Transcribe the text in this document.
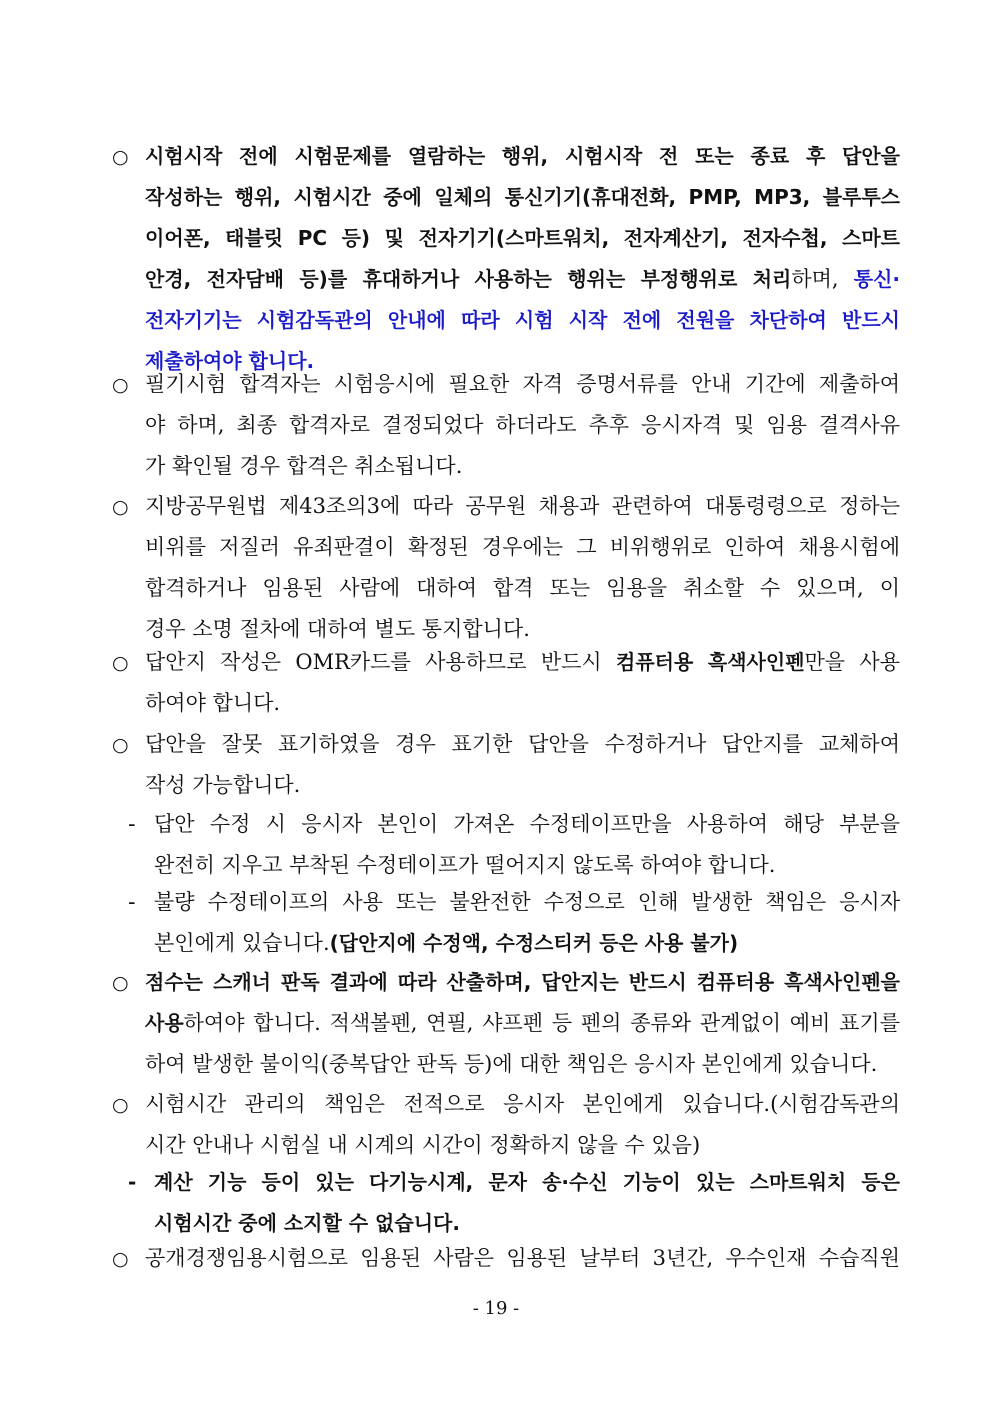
○ 시험시작 전에 시험문제를 열람하는 행위, 시험시작 전 또는 종료 후 답안을
작성하는 행위, 시험시간 중에 일체의 통신기기(휴대전화, PMP, MP3, 블루투스
이어폰, 태블릿 PC 등) 및 전자기기(스마트워치, 전자계산기, 전자수첩, 스마트
안경, 전자담배 등)를 휴대하거나 사용하는 행위는 부정행위로 처리하며, 통신·
전자기기는 시험감독관의 안내에 따라 시험 시작 전에 전원을 차단하여 반드시
제출하여야 합니다.
○ 필기시험 합격자는 시험응시에 필요한 자격 증명서류를 안내 기간에 제출하여
야 하며, 최종 합격자로 결정되었다 하더라도 추후 응시자격 및 임용 결격사유
가 확인될 경우 합격은 취소됩니다.
○ 지방공무원법 제43조의3에 따라 공무원 채용과 관련하여 대통령령으로 정하는
비위를 저질러 유죄판결이 확정된 경우에는 그 비위행위로 인하여 채용시험에
합격하거나 임용된 사람에 대하여 합격 또는 임용을 취소할 수 있으며, 이
경우 소명 절차에 대하여 별도 통지합니다.
○ 답안지 작성은 OMR카드를 사용하므로 반드시 컴퓨터용 흑색사인펜만을 사용
하여야 합니다.
○ 답안을 잘못 표기하였을 경우 표기한 답안을 수정하거나 답안지를 교체하여
작성 가능합니다.
- 답안 수정 시 응시자 본인이 가져온 수정테이프만을 사용하여 해당 부분을
완전히 지우고 부착된 수정테이프가 떨어지지 않도록 하여야 합니다.
- 불량 수정테이프의 사용 또는 불완전한 수정으로 인해 발생한 책임은 응시자
본인에게 있습니다.(답안지에 수정액, 수정스티커 등은 사용 불가)
○ 점수는 스캐너 판독 결과에 따라 산출하며, 답안지는 반드시 컴퓨터용 흑색사인펜을
사용하여야 합니다. 적색볼펜, 연필, 샤프펜 등 펜의 종류와 관계없이 예비 표기를
하여 발생한 불이익(중복답안 판독 등)에 대한 책임은 응시자 본인에게 있습니다.
○ 시험시간 관리의 책임은 전적으로 응시자 본인에게 있습니다.(시험감독관의
시간 안내나 시험실 내 시계의 시간이 정확하지 않을 수 있음)
- 계산 기능 등이 있는 다기능시계, 문자 송·수신 기능이 있는 스마트워치 등은
시험시간 중에 소지할 수 없습니다.
○ 공개경쟁임용시험으로 임용된 사람은 임용된 날부터 3년간, 우수인재 수습직원
- 19 -
